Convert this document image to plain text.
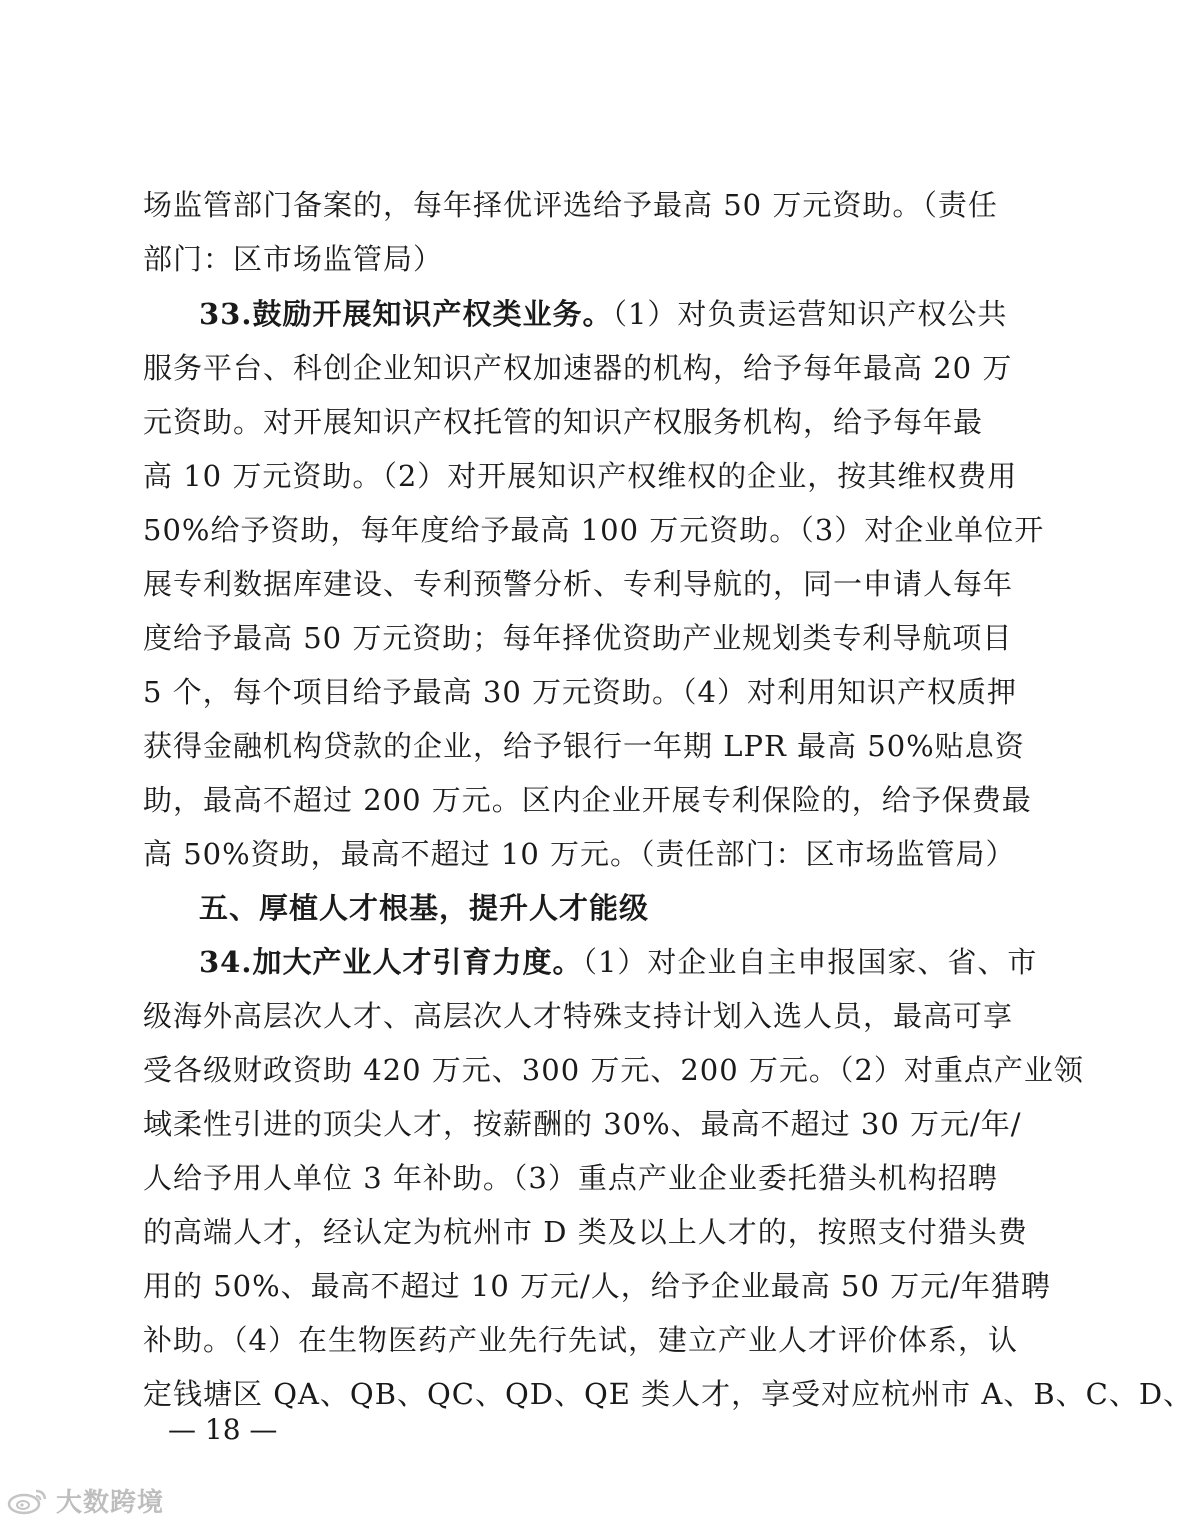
场监管部门备案的，每年择优评选给予最高 50 万元资助。（责任
部门：区市场监管局）
33.鼓励开展知识产权类业务。（1）对负责运营知识产权公共
服务平台、科创企业知识产权加速器的机构，给予每年最高 20 万
元资助。对开展知识产权托管的知识产权服务机构，给予每年最
高 10 万元资助。（2）对开展知识产权维权的企业，按其维权费用
50%给予资助，每年度给予最高 100 万元资助。（3）对企业单位开
展专利数据库建设、专利预警分析、专利导航的，同一申请人每年
度给予最高 50 万元资助；每年择优资助产业规划类专利导航项目
5 个，每个项目给予最高 30 万元资助。（4）对利用知识产权质押
获得金融机构贷款的企业，给予银行一年期 LPR 最高 50%贴息资
助，最高不超过 200 万元。区内企业开展专利保险的，给予保费最
高 50%资助，最高不超过 10 万元。（责任部门：区市场监管局）
五、厚植人才根基，提升人才能级
34.加大产业人才引育力度。（1）对企业自主申报国家、省、市
级海外高层次人才、高层次人才特殊支持计划入选人员，最高可享
受各级财政资助 420 万元、300 万元、200 万元。（2）对重点产业领
域柔性引进的顶尖人才，按薪酬的 30%、最高不超过 30 万元/年/
人给予用人单位 3 年补助。（3）重点产业企业委托猎头机构招聘
的高端人才，经认定为杭州市 D 类及以上人才的，按照支付猎头费
用的 50%、最高不超过 10 万元/人，给予企业最高 50 万元/年猎聘
补助。（4）在生物医药产业先行先试，建立产业人才评价体系，认
定钱塘区 QA、QB、QC、QD、QE 类人才，享受对应杭州市 A、B、C、D、
— 18 —
大数跨境
